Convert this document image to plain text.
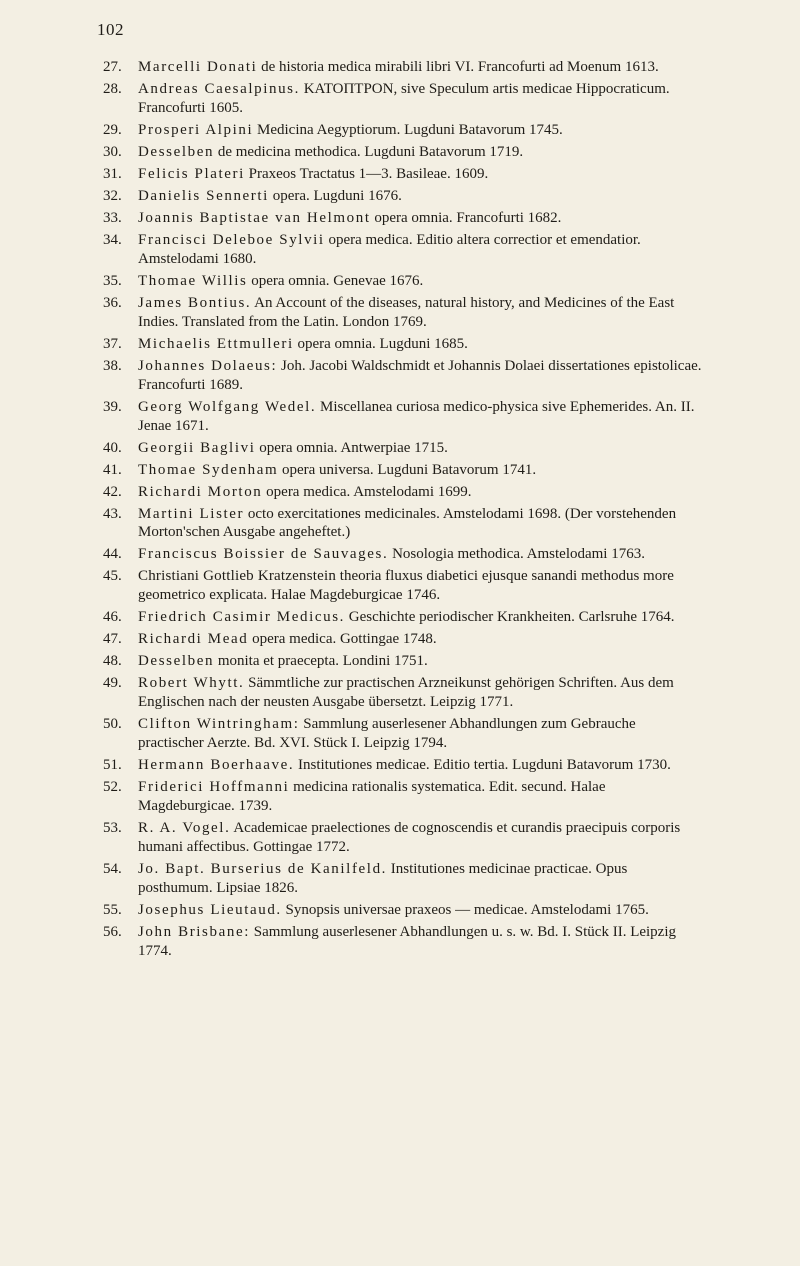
102
27. Marcelli Donati de historia medica mirabili libri VI. Francofurti ad Moenum 1613.
28. Andreas Caesalpinus. ΚΑΤΟΠΤΡΟΝ, sive Speculum artis medicae Hippocraticum. Francofurti 1605.
29. Prosperi Alpini Medicina Aegyptiorum. Lugduni Batavorum 1745.
30. Desselben de medicina methodica. Lugduni Batavorum 1719.
31. Felicis Plateri Praxeos Tractatus 1—3. Basileae. 1609.
32. Danielis Sennerti opera. Lugduni 1676.
33. Joannis Baptistae van Helmont opera omnia. Francofurti 1682.
34. Francisci Deleboe Sylvii opera medica. Editio altera correctior et emendatior. Amstelodami 1680.
35. Thomae Willis opera omnia. Genevae 1676.
36. James Bontius. An Account of the diseases, natural history, and Medicines of the East Indies. Translated from the Latin. London 1769.
37. Michaelis Ettmulleri opera omnia. Lugduni 1685.
38. Johannes Dolaeus: Joh. Jacobi Waldschmidt et Johannis Dolaei dissertationes epistolicae. Francofurti 1689.
39. Georg Wolfgang Wedel. Miscellanea curiosa medico-physica sive Ephemerides. An. II. Jenae 1671.
40. Georgii Baglivi opera omnia. Antwerpiae 1715.
41. Thomae Sydenham opera universa. Lugduni Batavorum 1741.
42. Richardi Morton opera medica. Amstelodami 1699.
43. Martini Lister octo exercitationes medicinales. Amstelodami 1698. (Der vorstehenden Morton'schen Ausgabe angeheftet.)
44. Franciscus Boissier de Sauvages. Nosologia methodica. Amstelodami 1763.
45. Christiani Gottlieb Kratzenstein theoria fluxus diabetici ejusque sanandi methodus more geometrico explicata. Halae Magdeburgicae 1746.
46. Friedrich Casimir Medicus. Geschichte periodischer Krankheiten. Carlsruhe 1764.
47. Richardi Mead opera medica. Gottingae 1748.
48. Desselben monita et praecepta. Londini 1751.
49. Robert Whytt. Sämmtliche zur practischen Arzneikunst gehörigen Schriften. Aus dem Englischen nach der neusten Ausgabe übersetzt. Leipzig 1771.
50. Clifton Wintringham: Sammlung auserlesener Abhandlungen zum Gebrauche practischer Aerzte. Bd. XVI. Stück I. Leipzig 1794.
51. Hermann Boerhaave. Institutiones medicae. Editio tertia. Lugduni Batavorum 1730.
52. Friderici Hoffmanni medicina rationalis systematica. Edit. secund. Halae Magdeburgicae. 1739.
53. R. A. Vogel. Academicae praelectiones de cognoscendis et curandis praecipuis corporis humani affectibus. Gottingae 1772.
54. Jo. Bapt. Burserius de Kanilfeld. Institutiones medicinae practicae. Opus posthumum. Lipsiae 1826.
55. Josephus Lieutaud. Synopsis universae praxeos — medicae. Amstelodami 1765.
56. John Brisbane: Sammlung auserlesener Abhandlungen u. s. w. Bd. I. Stück II. Leipzig 1774.
